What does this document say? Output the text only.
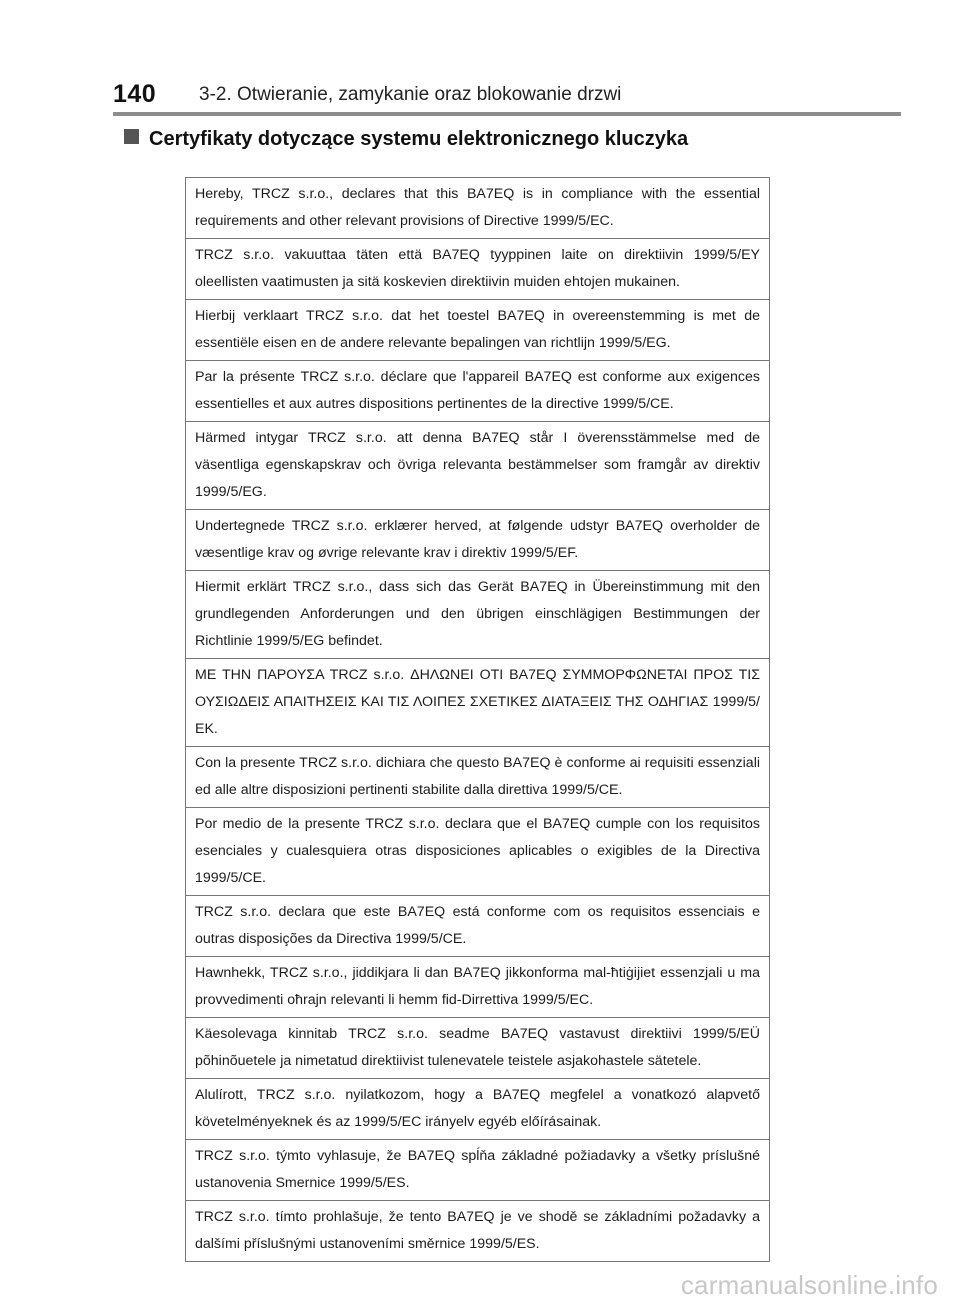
140 3-2. Otwieranie, zamykanie oraz blokowanie drzwi
Certyfikaty dotyczące systemu elektronicznego kluczyka
Hereby, TRCZ s.r.o., declares that this BA7EQ is in compliance with the essential requirements and other relevant provisions of Directive 1999/5/EC.
TRCZ s.r.o. vakuuttaa täten että BA7EQ tyyppinen laite on direktiivin 1999/5/EY oleellisten vaatimusten ja sitä koskevien direktiivin muiden ehtojen mukainen.
Hierbij verklaart TRCZ s.r.o. dat het toestel BA7EQ in overeenstemming is met de essentiële eisen en de andere relevante bepalingen van richtlijn 1999/5/EG.
Par la présente TRCZ s.r.o. déclare que l'appareil BA7EQ est conforme aux exigences essentielles et aux autres dispositions pertinentes de la directive 1999/5/CE.
Härmed intygar TRCZ s.r.o. att denna BA7EQ står I överensstämmelse med de väsentliga egenskapskrav och övriga relevanta bestämmelser som framgår av direktiv 1999/5/EG.
Undertegnede TRCZ s.r.o. erklærer herved, at følgende udstyr BA7EQ overholder de væsentlige krav og øvrige relevante krav i direktiv 1999/5/EF.
Hiermit erklärt TRCZ s.r.o., dass sich das Gerät BA7EQ in Übereinstimmung mit den grundlegenden Anforderungen und den übrigen einschlägigen Bestimmungen der Richtlinie 1999/5/EG befindet.
ΜΕ ΤΗΝ ΠΑΡΟΥΣΑ TRCZ s.r.o. ΔΗΛΩΝΕΙ ΟΤΙ BA7EQ ΣΥΜΜΟΡΦΩΝΕΤΑΙ ΠΡΟΣ ΤΙΣ ΟΥΣΙΩΔΕΙΣ ΑΠΑΙΤΗΣΕΙΣ ΚΑΙ ΤΙΣ ΛΟΙΠΕΣ ΣΧΕΤΙΚΕΣ ΔΙΑΤΑΞΕΙΣ ΤΗΣ ΟΔΗΓΙΑΣ 1999/5/ΕΚ.
Con la presente TRCZ s.r.o. dichiara che questo BA7EQ è conforme ai requisiti essenziali ed alle altre disposizioni pertinenti stabilite dalla direttiva 1999/5/CE.
Por medio de la presente TRCZ s.r.o. declara que el BA7EQ cumple con los requisitos esenciales y cualesquiera otras disposiciones aplicables o exigibles de la Directiva 1999/5/CE.
TRCZ s.r.o. declara que este BA7EQ está conforme com os requisitos essenciais e outras disposições da Directiva 1999/5/CE.
Hawnhekk, TRCZ s.r.o., jiddikjara li dan BA7EQ jikkonforma mal-ħtiġijiet essenzjali u ma provvedimenti oħrajn relevanti li hemm fid-Dirrettiva 1999/5/EC.
Käesolevaga kinnitab TRCZ s.r.o. seadme BA7EQ vastavust direktiivi 1999/5/EÜ põhinõuetele ja nimetatud direktiivist tulenevatele teistele asjakohastele sätetele.
Alulírott, TRCZ s.r.o. nyilatkozom, hogy a BA7EQ megfelel a vonatkozó alapvető követelményeknek és az 1999/5/EC irányelv egyéb előírásainak.
TRCZ s.r.o. týmto vyhlasuje, že BA7EQ spĺňa základné požiadavky a všetky príslušné ustanovenia Smernice 1999/5/ES.
TRCZ s.r.o. tímto prohlašuje, že tento BA7EQ je ve shodě se základními požadavky a dalšími příslušnými ustanoveními směrnice 1999/5/ES.
carmanualsonline.info
